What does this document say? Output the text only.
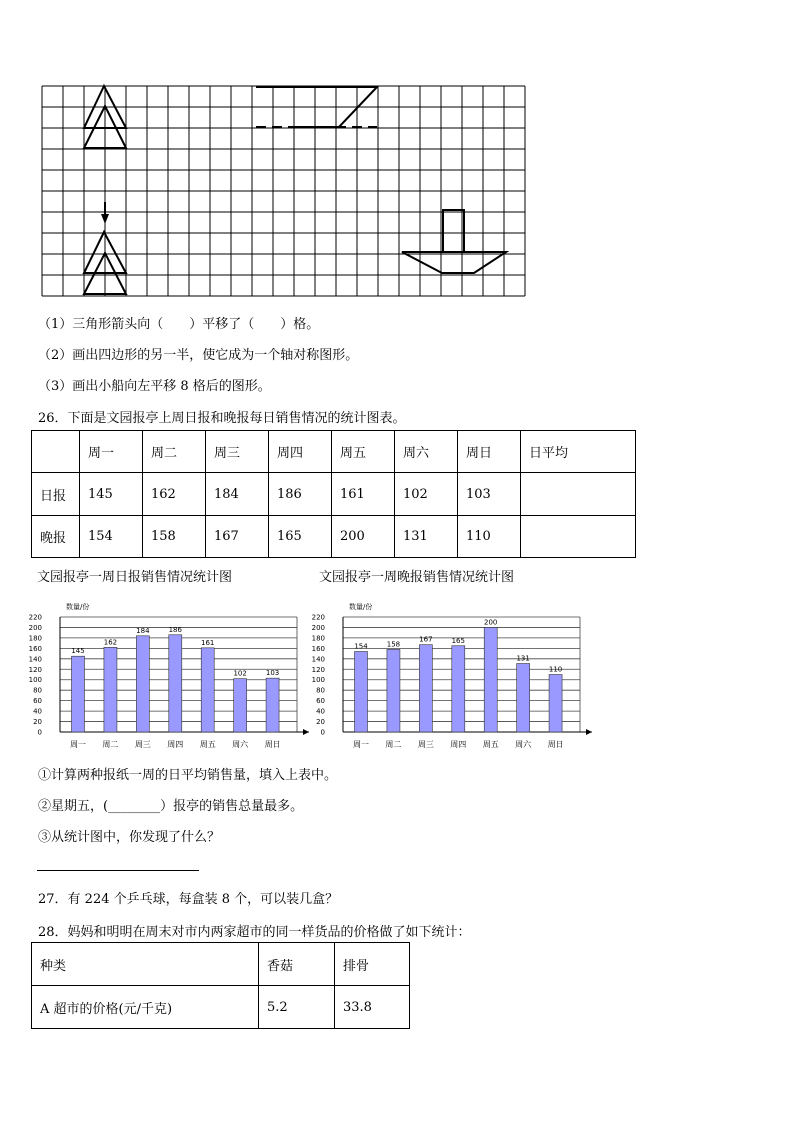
（1）三角形箭头向（　　）平移了（　　）格。
（2）画出四边形的另一半，使它成为一个轴对称图形。
（3）画出小船向左平移 8 格后的图形。
26．下面是文园报亭上周日报和晚报每日销售情况的统计图表。
	周一	周二	周三	周四	周五	周六	周日	日平均
日报	145	162	184	186	161	102	103	
晚报	154	158	167	165	200	131	110	
文园报亭一周日报销售情况统计图	文园报亭一周晚报销售情况统计图
数量/份
0
20
40
60
80
100
120
140
160
180
200
220
145
周一
162
周二
184
周三
186
周四
161
周五
102
周六
103
周日
数量/份
0
20
40
60
80
100
120
140
160
180
200
220
154
周一
158
周二
167
周三
165
周四
200
周五
131
周六
110
周日
①计算两种报纸一周的日平均销售量，填入上表中。
②星期五，(________）报亭的销售总量最多。
③从统计图中，你发现了什么？
27．有 224 个乒乓球，每盒装 8 个，可以装几盒？
28．妈妈和明明在周末对市内两家超市的同一样货品的价格做了如下统计：
种类	香菇	排骨
A 超市的价格(元/千克)	5.2	33.8
